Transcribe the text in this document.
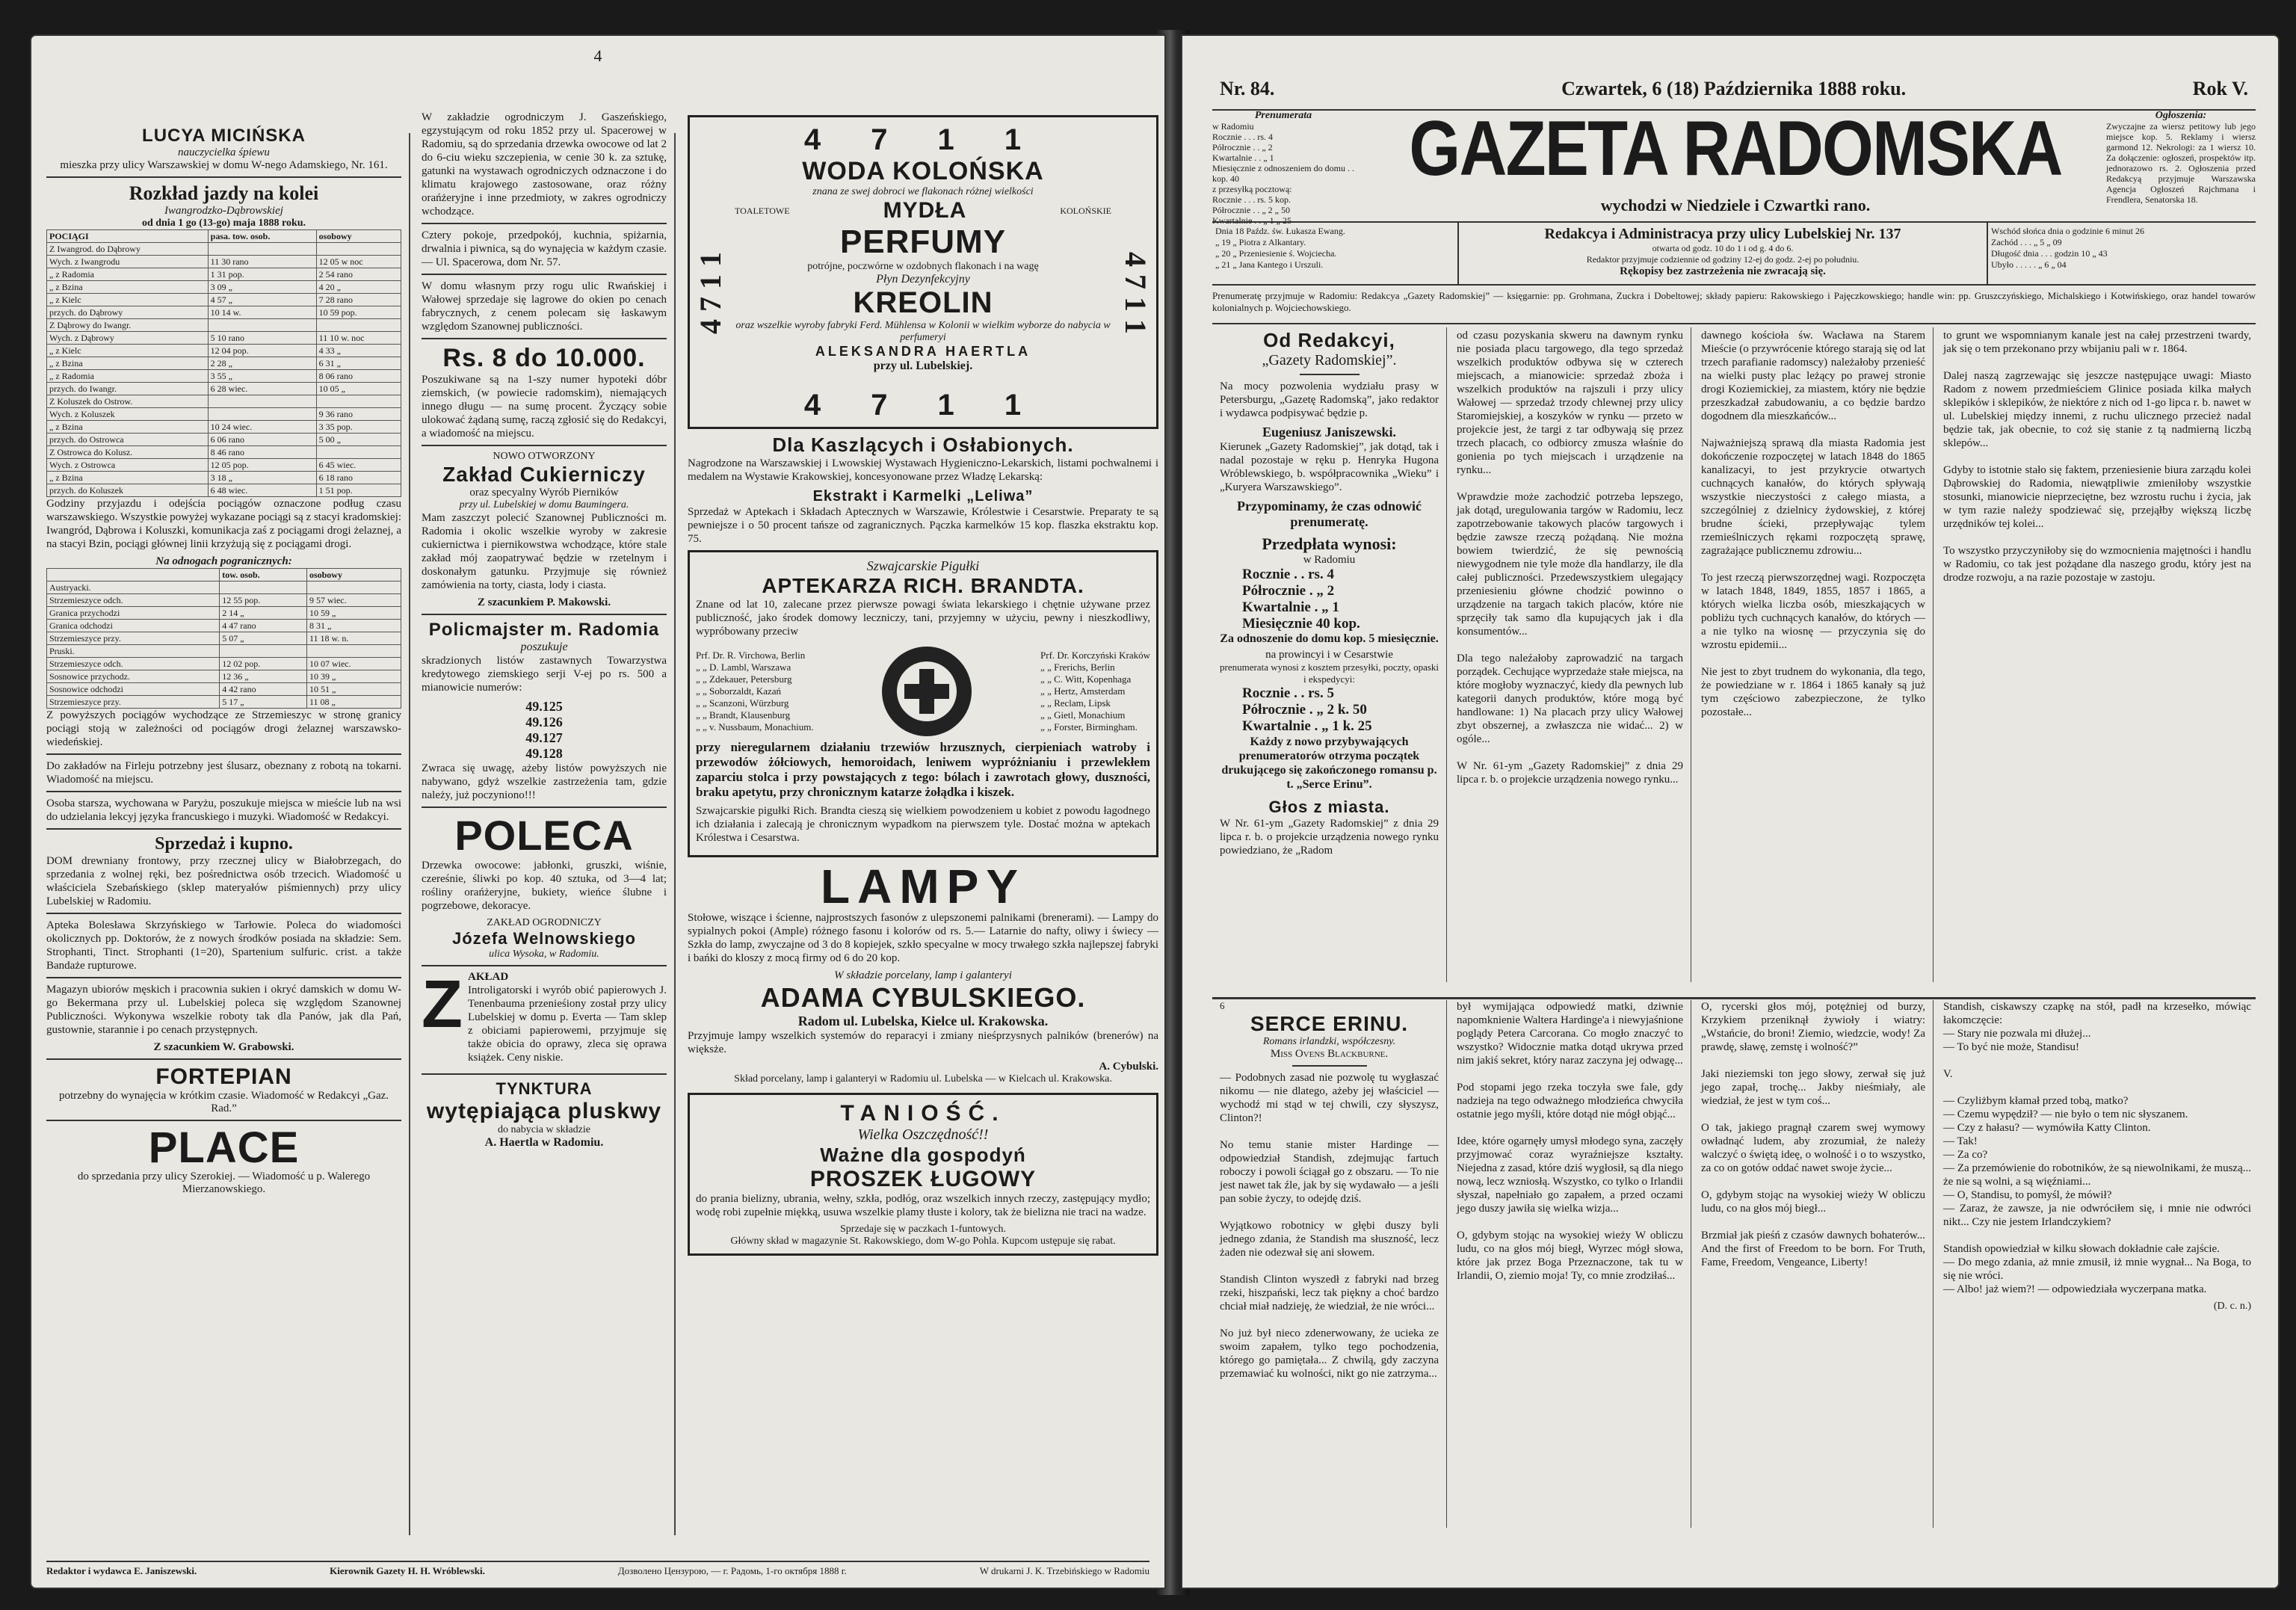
4
LUCYA MICIŃSKA
nauczycielka śpiewu
mieszka przy ulicy Warszawskiej w domu W-nego Adamskiego, Nr. 161.
Rozkład jazdy na kolei
Iwangrodzko-Dąbrowskiej
od dnia 1 go (13-go) maja 1888 roku.
POCIĄGI	pasa. tow. osob.	osobowy
Z Iwangrod. do Dąbrowy		
Wych. z Iwangrodu	11 30 rano	12 05 w noc
„ z Radomia	1 31 pop.	2 54 rano
„ z Bzina	3 09 „	4 20 „
„ z Kielc	4 57 „	7 28 rano
przych. do Dąbrowy	10 14 w.	10 59 pop.
Z Dąbrowy do Iwangr.		
Wych. z Dąbrowy	5 10 rano	11 10 w. noc
„ z Kielc	12 04 pop.	4 33 „
„ z Bzina	2 28 „	6 31 „
„ z Radomia	3 55 „	8 06 rano
przych. do Iwangr.	6 28 wiec.	10 05 „
Z Koluszek do Ostrow.		
Wych. z Koluszek		9 36 rano
„ z Bzina	10 24 wiec.	3 35 pop.
przych. do Ostrowca	6 06 rano	5 00 „
Z Ostrowca do Kolusz.	8 46 rano	
Wych. z Ostrowca	12 05 pop.	6 45 wiec.
„ z Bzina	3 18 „	6 18 rano
przych. do Koluszek	6 48 wiec.	1 51 pop.

Godziny przyjazdu i odejścia pociągów oznaczone podług czasu warszawskiego. Wszystkie powyżej wykazane pociągi są z stacyi kradomskiej: Iwangród, Dąbrowa i Koluszki, komunikacja zaś z pociągami drogi żelaznej, a na stacyi Bzin, pociągi głównej linii krzyżują się z pociągami drogi.

Na odnogach pogranicznych:
	tow. osob.	osobowy
Austryacki.		
Strzemieszyce odch.	12 55 pop.	9 57 wiec.
Granica przychodzi	2 14 „	10 59 „
Granica odchodzi	4 47 rano	8 31 „
Strzemieszyce przy.	5 07 „	11 18 w. n.
Pruski.		
Strzemieszyce odch.	12 02 pop.	10 07 wiec.
Sosnowice przychodz.	12 36 „	10 39 „
Sosnowice odchodzi	4 42 rano	10 51 „
Strzemieszyce przy.	5 17 „	11 08 „

Z powyższych pociągów wychodzące ze Strzemieszyc w stronę granicy pociągi stoją w zależności od pociągów drogi żelaznej warszawsko-wiedeńskiej.

Do zakładów na Firleju potrzebny jest ślusarz, obeznany z robotą na tokarni. Wiadomość na miejscu.

Osoba starsza, wychowana w Paryżu, poszukuje miejsca w mieście lub na wsi do udzielania lekcyj języka francuskiego i muzyki. Wiadomość w Redakcyi.

Sprzedaż i kupno.

DOM drewniany frontowy, przy rzecznej ulicy w Białobrzegach, do sprzedania z wolnej ręki, bez pośrednictwa osób trzecich. Wiadomość u właściciela Szebańskiego (sklep materyałów piśmiennych) przy ulicy Lubelskiej w Radomiu.

Apteka Bolesława Skrzyńskiego w Tarłowie. Poleca do wiadomości okolicznych pp. Doktorów, że z nowych środków posiada na składzie: Sem. Strophanti, Tinct. Strophanti (1=20), Spartenium sulfuric. crist. a także Bandaże rupturowe.

Magazyn ubiorów męskich i pracownia sukien i okryć damskich w domu W-go Bekermana przy ul. Lubelskiej poleca się względom Szanownej Publiczności. Wykonywa wszelkie roboty tak dla Panów, jak dla Pań, gustownie, starannie i po cenach przystępnych.

Z szacunkiem W. Grabowski.
FORTEPIAN
potrzebny do wynajęcia w krótkim czasie. Wiadomość w Redakcyi „Gaz. Rad.”
PLACE
do sprzedania przy ulicy Szerokiej. — Wiadomość u p. Walerego Mierzanowskiego.

W zakładzie ogrodniczym J. Gaszeńskiego, egzystującym od roku 1852 przy ul. Spacerowej w Radomiu, są do sprzedania drzewka owocowe od lat 2 do 6-ciu wieku szczepienia, w cenie 30 k. za sztukę, gatunki na wystawach ogrodniczych odznaczone i do klimatu krajowego zastosowane, oraz różny orańżeryjne i inne przedmioty, w zakres ogrodniczy wchodzące.

Cztery pokoje, przedpokój, kuchnia, spiżarnia, drwalnia i piwnica, są do wynajęcia w każdym czasie. — Ul. Spacerowa, dom Nr. 57.

W domu własnym przy rogu ulic Rwańskiej i Wałowej sprzedaje się lagrowe do okien po cenach fabrycznych, z cenem polecam się łaskawym względom Szanownej publiczności.

Rs. 8 do 10.000.

Poszukiwane są na 1-szy numer hypoteki dóbr ziemskich, (w powiecie radomskim), niemających innego długu — na sumę procent. Życzący sobie ulokować żądaną sumę, raczą zgłosić się do Redakcyi, a wiadomość na miejscu.

NOWO OTWORZONY
Zakład Cukierniczy
oraz specyalny Wyrób Pierników
przy ul. Lubelskiej w domu Baumingera.

Mam zaszczyt polecić Szanownej Publiczności m. Radomia i okolic wszelkie wyroby w zakresie cukiernictwa i piernikowstwa wchodzące, które stale zakład mój zaopatrywać będzie w rzetelnym i doskonałym gatunku. Przyjmuje się również zamówienia na torty, ciasta, lody i ciasta.

Z szacunkiem P. Makowski.
Policmajster m. Radomia
poszukuje

skradzionych listów zastawnych Towarzystwa kredytowego ziemskiego serji V-ej po rs. 500 a mianowicie numerów:

49.125
49.126
49.127
49.128

Zwraca się uwagę, ażeby listów powyższych nie nabywano, gdyż wszelkie zastrzeżenia tam, gdzie należy, już poczyniono!!!

POLECA

Drzewka owocowe: jabłonki, gruszki, wiśnie, czereśnie, śliwki po kop. 40 sztuka, od 3—4 lat; rośliny orańżeryjne, bukiety, wieńce ślubne i pogrzebowe, dekoracye.

ZAKŁAD OGRODNICZY
Józefa Welnowskiego
ulica Wysoka, w Radomiu.
Z AKŁAD

Introligatorski i wyrób obić papierowych J. Tenenbauma przenieśiony został przy ulicy Lubelskiej w domu p. Everta — Tam sklep z obiciami papierowemi, przyjmuje się także obicia do oprawy, zleca się oprawa książek. Ceny niskie.

TYNKTURA
wytępiająca pluskwy
do nabycia w składzie
A. Haertla w Radomiu.
4 7 1 1
4 7 1 1	4 7 1 1
WODA KOLOŃSKA
znana ze swej dobroci we flakonach różnej wielkości
TOALETOWE	MYDŁA	KOLOŃSKIE
PERFUMY
potrójne, poczwórne w ozdobnych flakonach i na wagę
Płyn Dezynfekcyjny
KREOLIN
oraz wszelkie wyroby fabryki Ferd. Mühlensa w Kolonii w wielkim wyborze do nabycia w perfumeryi
ALEKSANDRA HAERTLA
przy ul. Lubelskiej.
4 7 1 1
Dla Kaszlących i Osłabionych.

Nagrodzone na Warszawskiej i Lwowskiej Wystawach Hygienicznо-Lekarskich, listami pochwalnemi i medalem na Wystawie Krakowskiej, koncesyonowane przez Władzę Lekarską:

Ekstrakt i Karmelki „Leliwa”

Sprzedaż w Aptekach i Składach Aptecznych w Warszawie, Królestwie i Cesarstwie. Preparaty te są pewniejsze i o 50 procent tańsze od zagranicznych. Pączka karmelków 15 kop. flaszka ekstraktu kop. 75.

Szwajcarskie Pigułki
APTEKARZA RICH. BRANDTA.

Znane od lat 10, zalecane przez pierwsze powagi świata lekarskiego i chętnie używane przez publiczność, jako środek domowy leczniczy, tani, przyjemny w użyciu, pewny i nieszkodliwy, wypróbowany przeciw

Prf. Dr. R. Virchowa, Berlin
„ „ D. Lambl, Warszawa
„ „ Zdekauer, Petersburg
„ „ Soborzaldt, Kazań
„ „ Scanzoni, Würzburg
„ „ Brandt, Klausenburg
„ „ v. Nussbaum, Monachium.
Prf. Dr. Korczyński Kraków
„ „ Frerichs, Berlin
„ „ C. Witt, Kopenhaga
„ „ Hertz, Amsterdam
„ „ Reclam, Lipsk
„ „ Gietl, Monachium
„ „ Forster, Birmingham.

przy nieregularnem działaniu trzewiów hrzusznych, cierpieniach watroby i przewodów żółciowych, hemoroidach, leniwem wypróżnianiu i przewlekłem zaparciu stolca i przy powstających z tego: bólach i zawrotach głowy, duszności, braku apetytu, przy chronicznym katarze żołądka i kiszek.

Szwajcarskie pigułki Rich. Brandta cieszą się wielkiem powodzeniem u kobiet z powodu łagodnego ich działania i zalecają je chronicznym wypadkom na pierwszem tyle. Dostać można w aptekach Królestwa i Cesarstwa.

LAMPY

Stołowe, wiszące i ścienne, najprostszych fasonów z ulepszonemi palnikami (brenerami). — Lampy do sypialnych pokoi (Ample) różnego fasonu i kolorów od rs. 5.— Latarnie do nafty, oliwy i świecy — Szkła do lamp, zwyczajne od 3 do 8 kopiejek, szkło specyalne w mocy trwałego szkła najlepszej fabryki i bańki do kloszy z mocą firmy od 6 do 20 kop.

W składzie porcelany, lamp i galanteryi
ADAMA CYBULSKIEGO.
Radom ul. Lubelska, Kielce ul. Krakowska.

Przyjmuje lampy wszelkich systemów do reparacyi i zmiany nieśprzysnych palników (brenerów) na więksże.

A. Cybulski.
Skład porcelany, lamp i galanteryi w Radomiu ul. Lubelska — w Kielcach ul. Krakowska.
TANIOŚĆ.
Wielka Oszczędność!!
Ważne dla gospodyń
PROSZEK ŁUGOWY

do prania bielizny, ubrania, wełny, szkła, podłóg, oraz wszelkich innych rzeczy, zastępujący mydło; wodę robi zupełnie miękką, usuwa wszelkie plamy tłuste i kolory, tak że bielizna nie traci na wadze.

Sprzedaje się w paczkach 1-funtowych.
Główny skład w magazynie St. Rakowskiego, dom W-go Pohla. Kupcom ustępuje się rabat.
Redaktor i wydawca E. Janiszewski.	Kierownik Gazety H. H. Wróblewski.	Дозволено Цензурою, — г. Радомь, 1-го октября 1888 г.	W drukarni J. K. Trzebińskiego w Radomiu
Nr. 84.	Czwartek, 6 (18) Października 1888 roku.	Rok V.
Prenumerata
w Radomiu
Rocznie . . . rs. 4
Półrocznie . . „ 2
Kwartalnie . . „ 1
Miesięcznie z odnoszeniem do domu . . kop. 40
z przesyłką pocztową:
Rocznie . . . rs. 5 kop.
Półrocznie . . „ 2 „ 50
Kwartalnie . . „ 1 „ 25
GAZETA RADOMSKA
wychodzi w Niedziele i Czwartki rano.
Ogłoszenia:
Zwyczajne za wiersz petitowy lub jego miejsce kop. 5. Reklamy i wiersz garmond 12. Nekrologi: za 1 wiersz 10. Za dołączenie: ogłoszeń, prospektów itp. jednorazowo rs. 2. Ogłoszenia przed Redakcyą przyjmuje Warszawska Agencja Ogłoszeń Rajchmana i Frendlera, Senatorska 18.
Dnia 18 Paźdz. św. Łukasza Ewang.
„ 19 „ Piotra z Alkantary.
„ 20 „ Przeniesienie ś. Wojciecha.
„ 21 „ Jana Kantego i Urszuli.
Redakcya i Administracya przy ulicy Lubelskiej Nr. 137
otwarta od godz. 10 do 1 i od g. 4 do 6.
Redaktor przyjmuje codziennie od godziny 12-ej do godz. 2-ej po południu.
Rękopisy bez zastrzeżenia nie zwracają się.
Wschód słońca dnia o godzinie 6 minut 26
Zachód . . . „ 5 „ 09
Długość dnia . . . godzin 10 „ 43
Ubyło . . . . . „ 6 „ 04
Prenumeratę przyjmuje w Radomiu: Redakcya „Gazety Radomskiej” — księgarnie: pp. Grohmana, Zuckra i Dobeltowej; składy papieru: Rakowskiego i Pajęczkowskiego; handle win: pp. Gruszczyńskiego, Michalskiego i Kotwińskiego, oraz handel towarów kolonialnych p. Wojciechowskiego.
Od Redakcyi,
„Gazety Radomskiej”.

Na mocy pozwolenia wydziału prasy w Petersburgu, „Gazetę Radomską”, jako redaktor i wydawca podpisywać będzie p.

Eugeniusz Janiszewski.

Kierunek „Gazety Radomskiej”, jak dotąd, tak i nadal pozostaje w ręku p. Henryka Hugona Wróblewskiego, b. współpracownika „Wieku” i „Kuryera Warszawskiego”.

Przypominamy, że czas odnowić prenumeratę.
Przedpłata wynosi:
w Radomiu
Rocznie . . rs. 4
Półrocznie . „ 2
Kwartalnie . „ 1
Miesięcznie 40 kop.
Za odnoszenie do domu kop. 5 miesięcznie.
na prowincyi i w Cesarstwie
prenumerata wynosi z kosztem przesyłki, poczty, opaski i ekspedycyi:
Rocznie . . rs. 5
Półrocznie . „ 2 k. 50
Kwartalnie . „ 1 k. 25
Każdy z nowo przybywających prenumeratorów otrzyma początek drukującego się zakończonego romansu p. t. „Serce Erinu”.
Głos z miasta.

W Nr. 61-ym „Gazety Radomskiej” z dnia 29 lipca r. b. o projekcie urządzenia nowego rynku powiedziano, że „Radom

od czasu pozyskania skweru na dawnym rynku nie posiada placu targowego, dla tego sprzedaż wszelkich produktów odbywa się w czterech miejscach, a mianowicie: sprzedaż zboża i wszelkich produktów na rajszuli i przy ulicy Wałowej — sprzedaż trzody chlewnej przy ulicy Staromiejskiej, a koszyków w rynku — przeto w projekcie jest, że targi z tar odbywają się przez trzech placach, co odbiorcy zmusza właśnie do gonienia po tych miejscach i urządzenie na rynku...

Wprawdzie może zachodzić potrzeba lepszego, jak dotąd, uregulowania targów w Radomiu, lecz zapotrzebowanie takowych placów targowych i będzie zawsze rzeczą pożądaną. Nie można bowiem twierdzić, że się pewnością niewygodnem nie tyle może dla handlarzy, ile dla całej publiczności. Przedewszystkiem ulegający przeniesieniu główne chodzić powinno o urządzenie na targach takich placów, które nie sprzęciły tak samo dla kupujących jak i dla konsumentów...

Dla tego naleźałoby zaprowadzić na targach porządek. Cechujące wyprzedaże stałe miejsca, na które mogłoby wyznaczyć, kiedy dla pewnych lub kategorii danych produktów, które mogą być handlowane: 1) Na placach przy ulicy Wałowej zbyt obszernej, a zwłaszcza nie widać... 2) w ogóle...

W Nr. 61-ym „Gazety Radomskiej” z dnia 29 lipca r. b. o projekcie urządzenia nowego rynku...

dawnego kościoła św. Wacława na Starem Mieście (o przywrócenie którego starają się od lat trzech parafianie radomscy) należałoby przenieść na wielki pusty plac leżący po prawej stronie drogi Koziemickiej, za miastem, który nie będzie przeszkadzał zabudowaniu, a co będzie bardzo dogodnem dla mieszkańców...

Najważniejszą sprawą dla miasta Radomia jest dokończenie rozpoczętej w latach 1848 do 1865 kanalizacyi, to jest przykrycie otwartych cuchnących kanałów, do których spływają wszystkie nieczystości z całego miasta, a szczególniej z dzielnicy żydowskiej, z której brudne ścieki, przepływając tylem rzemieślniczych rękami rozpoczętą sprawę, zagrażające publicznemu zdrowiu...

To jest rzeczą pierwszorzędnej wagi. Rozpoczęta w latach 1848, 1849, 1855, 1857 i 1865, a których wielka liczba osób, mieszkających w pobliżu tych cuchnących kanałów, do których — a nie tylko na wiosnę — przyczynia się do wzrostu epidemii...

Nie jest to zbyt trudnem do wykonania, dla tego, że powiedziane w r. 1864 i 1865 kanały są już tym częściowo zabezpieczone, że tylko pozostałe...

to grunt we wspomnianym kanale jest na całej przestrzeni twardy, jak się o tem przekonano przy wbijaniu pali w r. 1864.

Dalej naszą zagrzewając się jeszcze następujące uwagi: Miasto Radom z nowem przedmieściem Glinice posiada kilka małych sklepików i sklepików, że niektóre z nich od 1-go lipca r. b. nawet w ul. Lubelskiej między innemi, z ruchu ulicznego przecież nadal będzie tak, jak obecnie, to coż się stanie z tą nadmierną liczbą sklepów...

Gdyby to istotnie stało się faktem, przeniesienie biura zarządu kolei Dąbrowskiej do Radomia, niewątpliwie zmieniłoby wszystkie stosunki, mianowicie nieprzeciętne, bez wzrostu ruchu i życia, jak w tym razie należy spodziewać się, przejąłby większą liczbę urzędników tej kolei...

To wszystko przyczyniłoby się do wzmocnienia majętności i handlu w Radomiu, co tak jest pożądane dla naszego grodu, który jest na drodze rozwoju, a na razie pozostaje w zastoju.

6
SERCE ERINU.
Romans irlandzki, współczesny.
Miss Ovens Blackburne.

— Podobnych zasad nie pozwolę tu wygłaszać nikomu — nie dlatego, ażeby jej właściciel — wychodź mi stąd w tej chwili, czy słyszysz, Clinton?!

No temu stanie mister Hardinge — odpowiedział Standish, zdejmując fartuch roboczy i powoli ściągał go z obszaru. — To nie jest nawet tak źle, jak by się wydawało — a jeśli pan sobie życzy, to odejdę dziś.

Wyjątkowo robotnicy w głębi duszy byli jednego zdania, że Standish ma słuszność, lecz żaden nie odezwał się ani słowem.

Standish Clinton wyszedł z fabryki nad brzeg rzeki, hiszpański, lecz tak piękny a choć bardzo chciał miał nadzieję, że wiedział, że nie wróci...

No już był nieco zdenerwowany, że ucieka ze swoim zapałem, tylko tego pochodzenia, którego go pamiętała... Z chwilą, gdy zaczyna przemawiać ku wolności, nikt go nie zatrzyma...

był wymijająca odpowiedź matki, dziwnie napomknienie Waltera Hardinge'a i niewyjaśnione poglądy Petera Carcorana. Co mogło znaczyć to wszystko? Widocznie matka dotąd ukrywa przed nim jakiś sekret, który naraz zaczyna jej odwagę...

Pod stopami jego rzeka toczyła swe fale, gdy nadzieja na tego odważnego młodzieńca chwyciła ostatnie jego myśli, które dotąd nie mógł objąć...

Idee, które ogarnęły umysł młodego syna, zaczęły przyjmować coraz wyraźniejsze kształty. Niejedna z zasad, które dziś wygłosił, są dla niego nową, lecz wzniosłą. Wszystko, co tylko o Irlandii słyszał, napełniało go zapałem, a przed oczami jego duszy jawiła się wielka wizja...

O, gdybym stojąc na wysokiej wieży W obliczu ludu, co na głos mój biegł, Wyrzec mógł słowa, które jak przez Boga Przeznaczone, tak tu w Irlandii, O, ziemio moja! Ty, co mnie zrodziłaś...

O, rycerski głos mój, potężniej od burzy, Krzykiem przeniknął żywioły i wiatry: „Wstańcie, do broni! Ziemio, wiedzcie, wody! Za prawdę, sławę, zemstę i wolność?”

Jaki nieziemski ton jego słowy, zerwał się już jego zapał, trochę... Jakby nieśmiały, ale wiedział, że jest w tym coś...

O tak, jakiego pragnął czarem swej wymowy owładnąć ludem, aby zrozumiał, że należy walczyć o świętą ideę, o wolność i o to wszystko, za co on gotów oddać nawet swoje życie...

O, gdybym stojąc na wysokiej wieży W obliczu ludu, co na głos mój biegł...

Brzmiał jak pieśń z czasów dawnych bohaterów... And the first of Freedom to be born. For Truth, Fame, Freedom, Vengeance, Liberty!

Standish, ciskawszy czapkę na stół, padł na krzesełko, mówiąc łakomczęcie:
— Stary nie pozwala mi dłużej...
— To być nie może, Standisu!

V.

— Czyliżbym kłamał przed tobą, matko?
— Czemu wypędził? — nie było o tem nic słyszanem.
— Czy z hałasu? — wymówiła Katty Clinton.
— Tak!
— Za co?
— Za przemówienie do robotników, że są niewolnikami, że muszą... że nie są wolni, a są więźniami...
— O, Standisu, to pomyśl, że mówił?
— Zaraz, że zawsze, ja nie odwróciłem się, i mnie nie odwróci nikt... Czy nie jestem Irlandczykiem?

Standish opowiedział w kilku słowach dokładnie całe zajście.
— Do mego zdania, aż mnie zmusił, iż mnie wygnał... Na Boga, to się nie wróci.
— Albo! jaż wiem?! — odpowiedziała wyczerpana matka.

(D. c. n.)
